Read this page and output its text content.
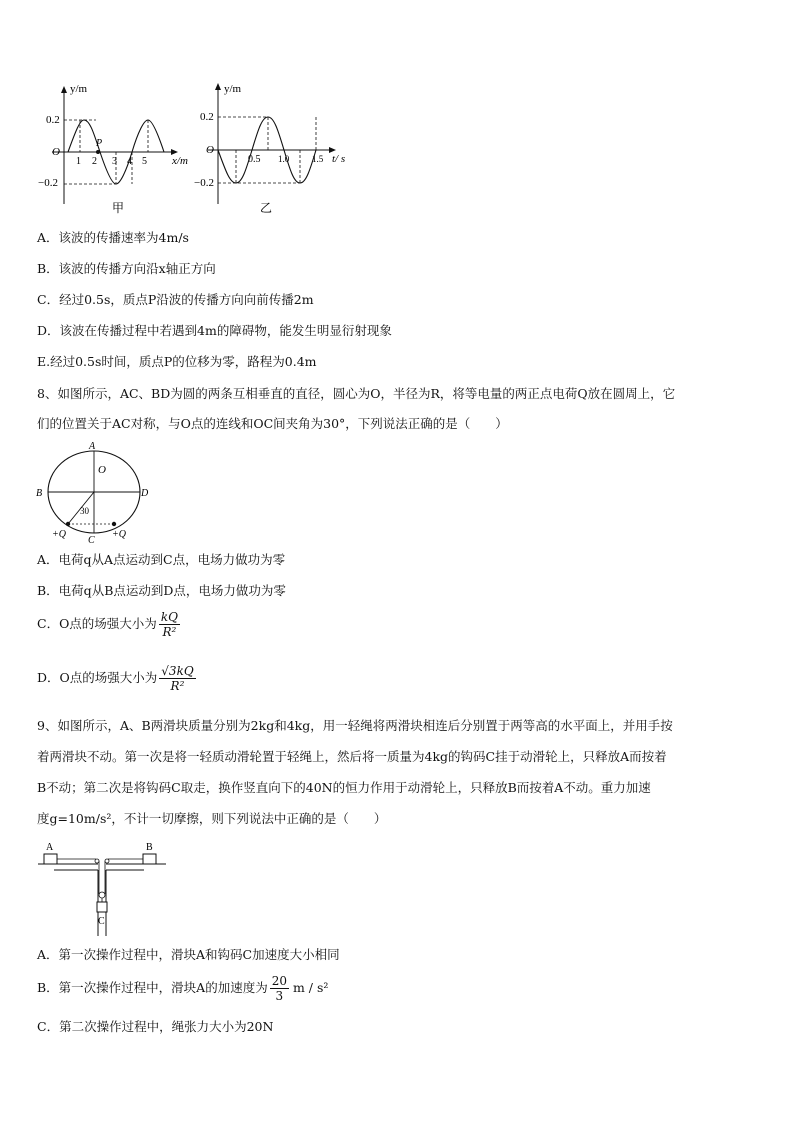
y/m
x/m
O
0.2
−0.2
P
1 2 3 4 5
甲
y/m
t/ s
O
0.2
−0.2
0.5 1.0	1.5
乙
A．该波的传播速率为4m/s
B．该波的传播方向沿x轴正方向
C．经过0.5s，质点P沿波的传播方向向前传播2m
D．该波在传播过程中若遇到4m的障碍物，能发生明显衍射现象
E.经过0.5s时间，质点P的位移为零，路程为0.4m
8、如图所示，AC、BD为圆的两条互相垂直的直径，圆心为O，半径为R，将等电量的两正点电荷Q放在圆周上，它
们的位置关于AC对称，与O点的连线和OC间夹角为30°，下列说法正确的是（　　）
A
O
B	D
30
C
+Q	+Q
A．电荷q从A点运动到C点，电场力做功为零
B．电荷q从B点运动到D点，电场力做功为零
C．O点的场强大小为 $\frac{kQ}{\text{R²}}$
D．O点的场强大小为 $\frac{√3kQ}{\text{R²}}$
9、如图所示，A、B两滑块质量分别为2kg和4kg，用一轻绳将两滑块相连后分别置于两等高的水平面上，并用手按
着两滑块不动。第一次是将一轻质动滑轮置于轻绳上，然后将一质量为4kg的钩码C挂于动滑轮上，只释放A而按着
B不动；第二次是将钩码C取走，换作竖直向下的40N的恒力作用于动滑轮上，只释放B而按着A不动。重力加速
度g=10m/s²，不计一切摩擦，则下列说法中正确的是（　　）
A	B
C
A．第一次操作过程中，滑块A和钩码C加速度大小相同
B．第一次操作过程中，滑块A的加速度为 $\frac{20}{3}$ m / s²
C．第二次操作过程中，绳张力大小为20N
